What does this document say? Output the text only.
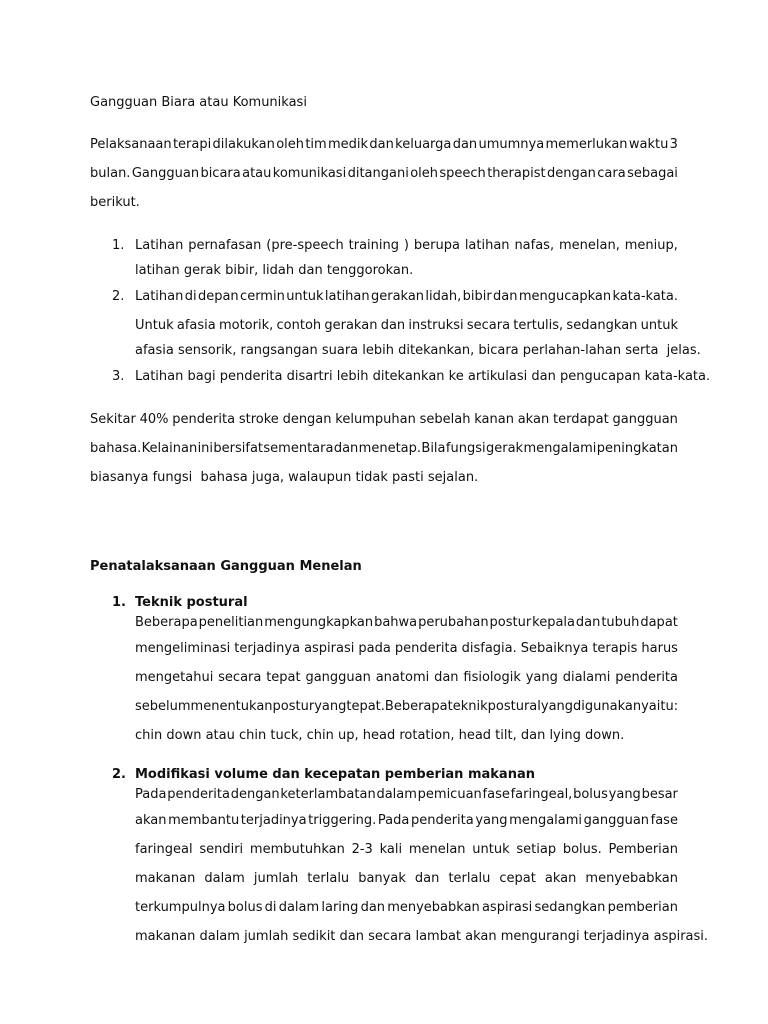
Gangguan Biara atau Komunikasi
Pelaksanaan terapi dilakukan oleh tim medik dan keluarga dan umumnya memerlukan waktu 3
bulan. Gangguan bicara atau komunikasi ditangani oleh speech therapist dengan cara sebagai
berikut.
1. Latihan pernafasan (pre-speech training ) berupa latihan nafas, menelan, meniup,
latihan gerak bibir, lidah dan tenggorokan.
2. Latihan di depan cermin untuk latihan gerakan lidah, bibir dan mengucapkan kata-kata.
Untuk afasia motorik, contoh gerakan dan instruksi secara tertulis, sedangkan untuk
afasia sensorik, rangsangan suara lebih ditekankan, bicara perlahan-lahan serta  jelas.
3. Latihan bagi penderita disartri lebih ditekankan ke artikulasi dan pengucapan kata-kata.
Sekitar 40% penderita stroke dengan kelumpuhan sebelah kanan akan terdapat gangguan
bahasa. Kelainan ini bersifat sementara dan menetap. Bila fungsi gerak mengalami peningkatan
biasanya fungsi  bahasa juga, walaupun tidak pasti sejalan.
Penatalaksanaan Gangguan Menelan
1. Teknik postural
Beberapa penelitian mengungkapkan bahwa perubahan postur kepala dan tubuh dapat
mengeliminasi terjadinya aspirasi pada penderita disfagia. Sebaiknya terapis harus
mengetahui secara tepat gangguan anatomi dan fisiologik yang dialami penderita
sebelum menentukan postur yang tepat. Beberapa teknik postural yang digunakan yaitu:
chin down atau chin tuck, chin up, head rotation, head tilt, dan lying down.
2. Modifikasi volume dan kecepatan pemberian makanan
Pada penderita dengan keterlambatan dalam pemicuan fase faringeal, bolus yang besar
akan membantu terjadinya triggering. Pada penderita yang mengalami gangguan fase
faringeal sendiri membutuhkan 2-3 kali menelan untuk setiap bolus. Pemberian
makanan dalam jumlah terlalu banyak dan terlalu cepat akan menyebabkan
terkumpulnya bolus di dalam laring dan menyebabkan aspirasi sedangkan pemberian
makanan dalam jumlah sedikit dan secara lambat akan mengurangi terjadinya aspirasi.
